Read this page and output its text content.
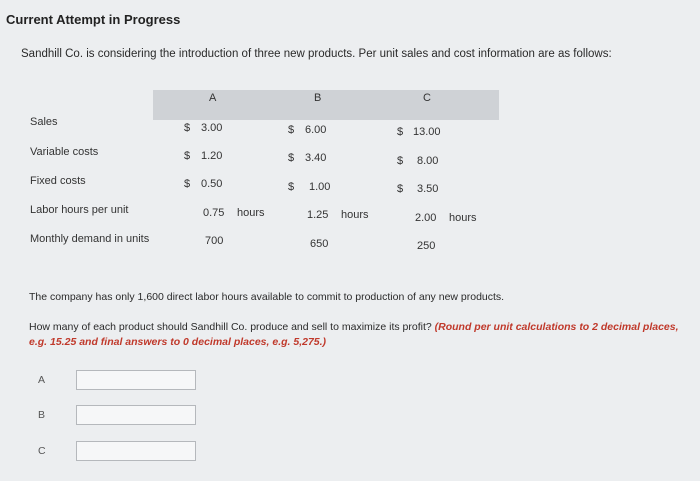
Current Attempt in Progress
Sandhill Co. is considering the introduction of three new products. Per unit sales and cost information are as follows:
A	B	C
Sales	$ 3.00	$ 6.00	$ 13.00
Variable costs	$ 1.20	$ 3.40	$ 8.00
Fixed costs	$ 0.50	$ 1.00	$ 3.50
Labor hours per unit	0.75 hours	1.25 hours	2.00 hours
Monthly demand in units	700	650	250
The company has only 1,600 direct labor hours available to commit to production of any new products.
How many of each product should Sandhill Co. produce and sell to maximize its profit? (Round per unit calculations to 2 decimal places, e.g. 15.25 and final answers to 0 decimal places, e.g. 5,275.)
A
B
C
